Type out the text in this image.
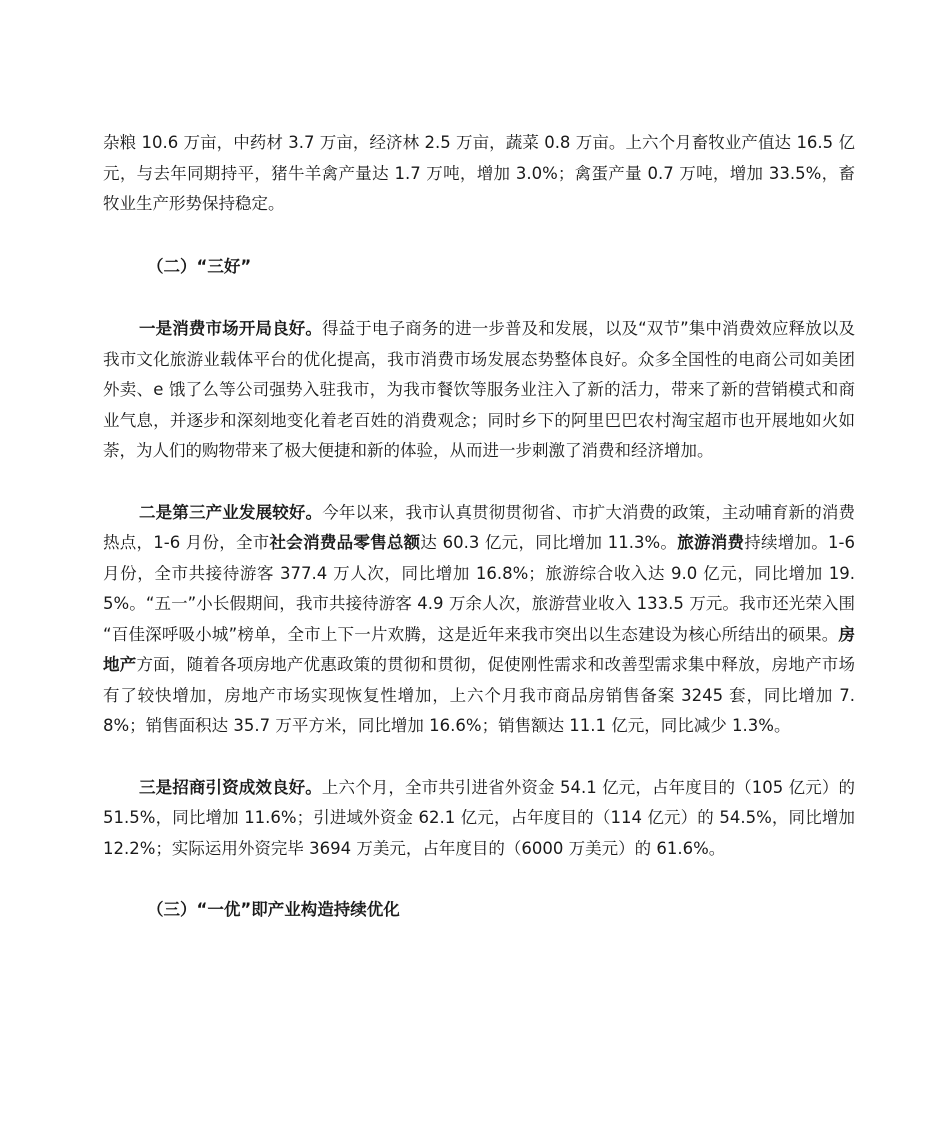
杂粮 10.6 万亩，中药材 3.7 万亩，经济林 2.5 万亩，蔬菜 0.8 万亩。上六个月畜牧业产值达 16.5 亿元，与去年同期持平，猪牛羊禽产量达 1.7 万吨，增加 3.0%；禽蛋产量 0.7 万吨，增加 33.5%，畜牧业生产形势保持稳定。

（二）“三好”

一是消费市场开局良好。得益于电子商务的进一步普及和发展，以及“双节”集中消费效应释放以及我市文化旅游业载体平台的优化提高，我市消费市场发展态势整体良好。众多全国性的电商公司如美团外卖、e 饿了么等公司强势入驻我市，为我市餐饮等服务业注入了新的活力，带来了新的营销模式和商业气息，并逐步和深刻地变化着老百姓的消费观念；同时乡下的阿里巴巴农村淘宝超市也开展地如火如荼，为人们的购物带来了极大便捷和新的体验，从而进一步刺激了消费和经济增加。

二是第三产业发展较好。今年以来，我市认真贯彻贯彻省、市扩大消费的政策，主动哺育新的消费热点，1-6 月份，全市社会消费品零售总额达 60.3 亿元，同比增加 11.3%。旅游消费持续增加。1-6 月份，全市共接待游客 377.4 万人次，同比增加 16.8%；旅游综合收入达 9.0 亿元，同比增加 19.5%。“五一”小长假期间，我市共接待游客 4.9 万余人次，旅游营业收入 133.5 万元。我市还光荣入围 “百佳深呼吸小城”榜单，全市上下一片欢腾，这是近年来我市突出以生态建设为核心所结出的硕果。房地产方面，随着各项房地产优惠政策的贯彻和贯彻，促使刚性需求和改善型需求集中释放，房地产市场有了较快增加，房地产市场实现恢复性增加，上六个月我市商品房销售备案 3245 套，同比增加 7.8%；销售面积达 35.7 万平方米，同比增加 16.6%；销售额达 11.1 亿元，同比减少 1.3%。

三是招商引资成效良好。上六个月，全市共引进省外资金 54.1 亿元，占年度目的（105 亿元）的 51.5%，同比增加 11.6%；引进域外资金 62.1 亿元，占年度目的（114 亿元）的 54.5%，同比增加 12.2%；实际运用外资完毕 3694 万美元，占年度目的（6000 万美元）的 61.6%。

（三）“一优”即产业构造持续优化
